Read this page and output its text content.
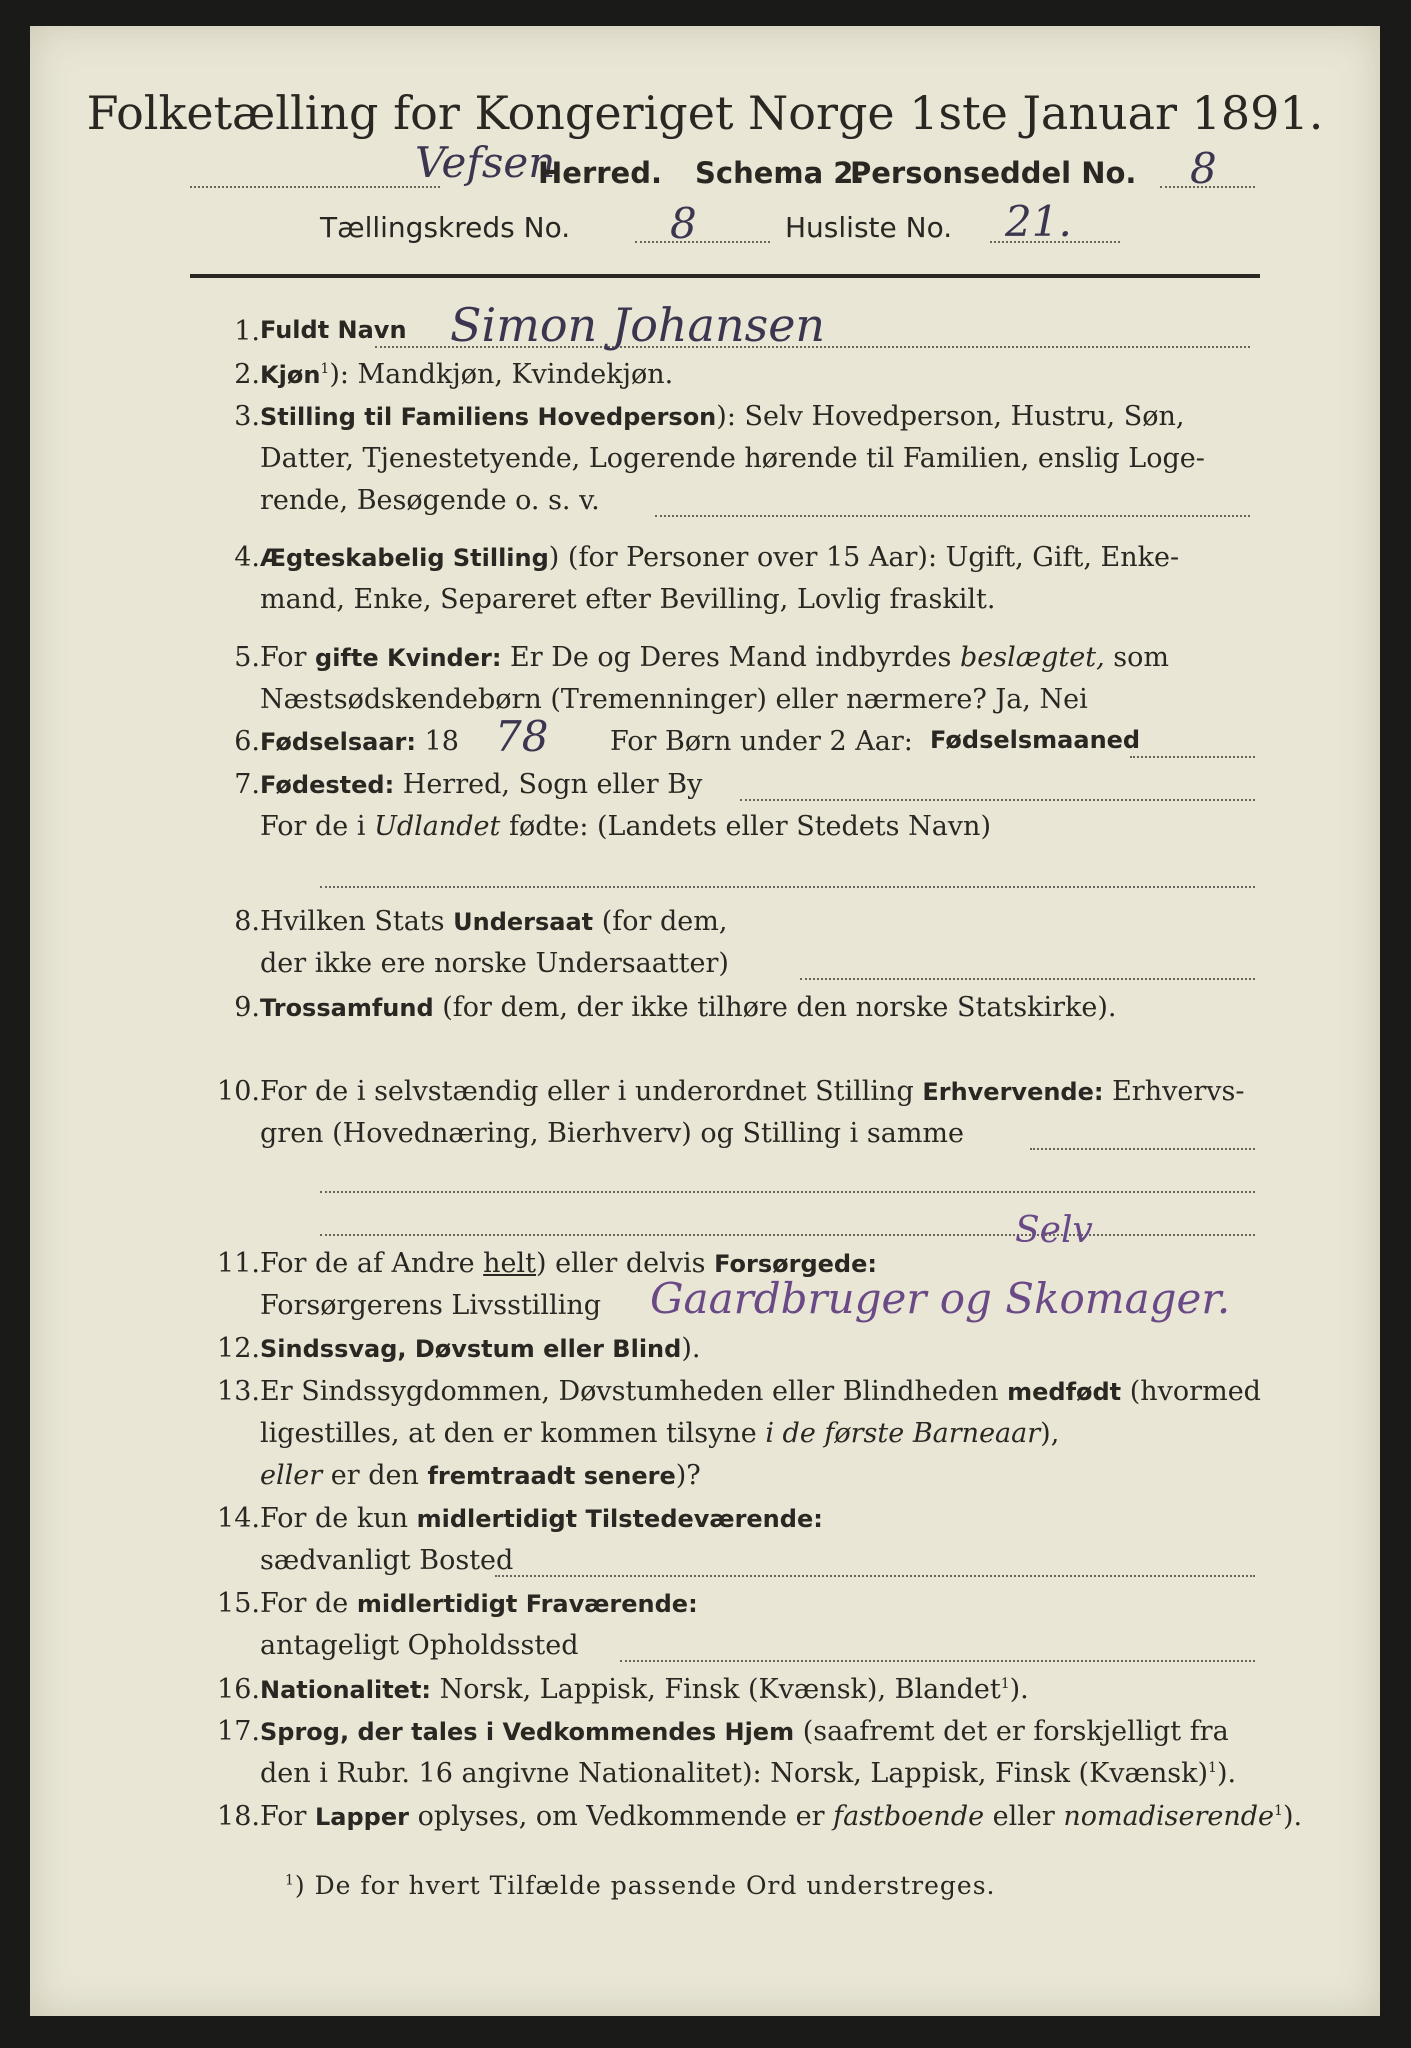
Folketælling for Kongeriget Norge 1ste Januar 1891.
Vefsen
Herred. Schema 2.
Personseddel No. 8
Tællingskreds No. 8	Husliste No. 21.
1. Fuldt Navn Simon Johansen
2. Kjøn$^1$): Mandkjøn, Kvindekjøn.
3. Stilling til Familiens Hovedperson): Selv Hovedperson, Hustru, Søn,
Datter, Tjenestetyende, Logerende hørende til Familien, enslig Loge-
rende, Besøgende o. s. v.
4. Ægteskabelig Stilling) (for Personer over 15 Aar): Ugift, Gift, Enke-
mand, Enke, Separeret efter Bevilling, Lovlig fraskilt.
5. For gifte Kvinder: Er De og Deres Mand indbyrdes beslægtet, som
Næstsødskendebørn (Tremenninger) eller nærmere? Ja, Nei
6. Fødselsaar: 18 78 For Børn under 2 Aar: Fødselsmaaned
7. Fødested: Herred, Sogn eller By
For de i Udlandet fødte: (Landets eller Stedets Navn)
8. Hvilken Stats Undersaat (for dem,
der ikke ere norske Undersaatter)
9. Trossamfund (for dem, der ikke tilhøre den norske Statskirke).
10. For de i selvstændig eller i underordnet Stilling Erhvervende: Erhvervs-
gren (Hovednæring, Bierhverv) og Stilling i samme
11. For de af Andre helt) eller delvis Forsørgede:
Selv
Forsørgerens Livsstilling Gaardbruger og Skomager.
12. Sindssvag, Døvstum eller Blind).
13. Er Sindssygdommen, Døvstumheden eller Blindheden medfødt (hvormed
ligestilles, at den er kommen tilsyne i de første Barneaar),
eller er den fremtraadt senere)?
14. For de kun midlertidigt Tilstedeværende:
sædvanligt Bosted
15. For de midlertidigt Fraværende:
antageligt Opholdssted
16. Nationalitet: Norsk, Lappisk, Finsk (Kvænsk), Blandet$^1$).
17. Sprog, der tales i Vedkommendes Hjem (saafremt det er forskjelligt fra
den i Rubr. 16 angivne Nationalitet): Norsk, Lappisk, Finsk (Kvænsk)$^1$).
18. For Lapper oplyses, om Vedkommende er fastboende eller nomadiserende$^1$).
$^1$) De for hvert Tilfælde passende Ord understreges.
